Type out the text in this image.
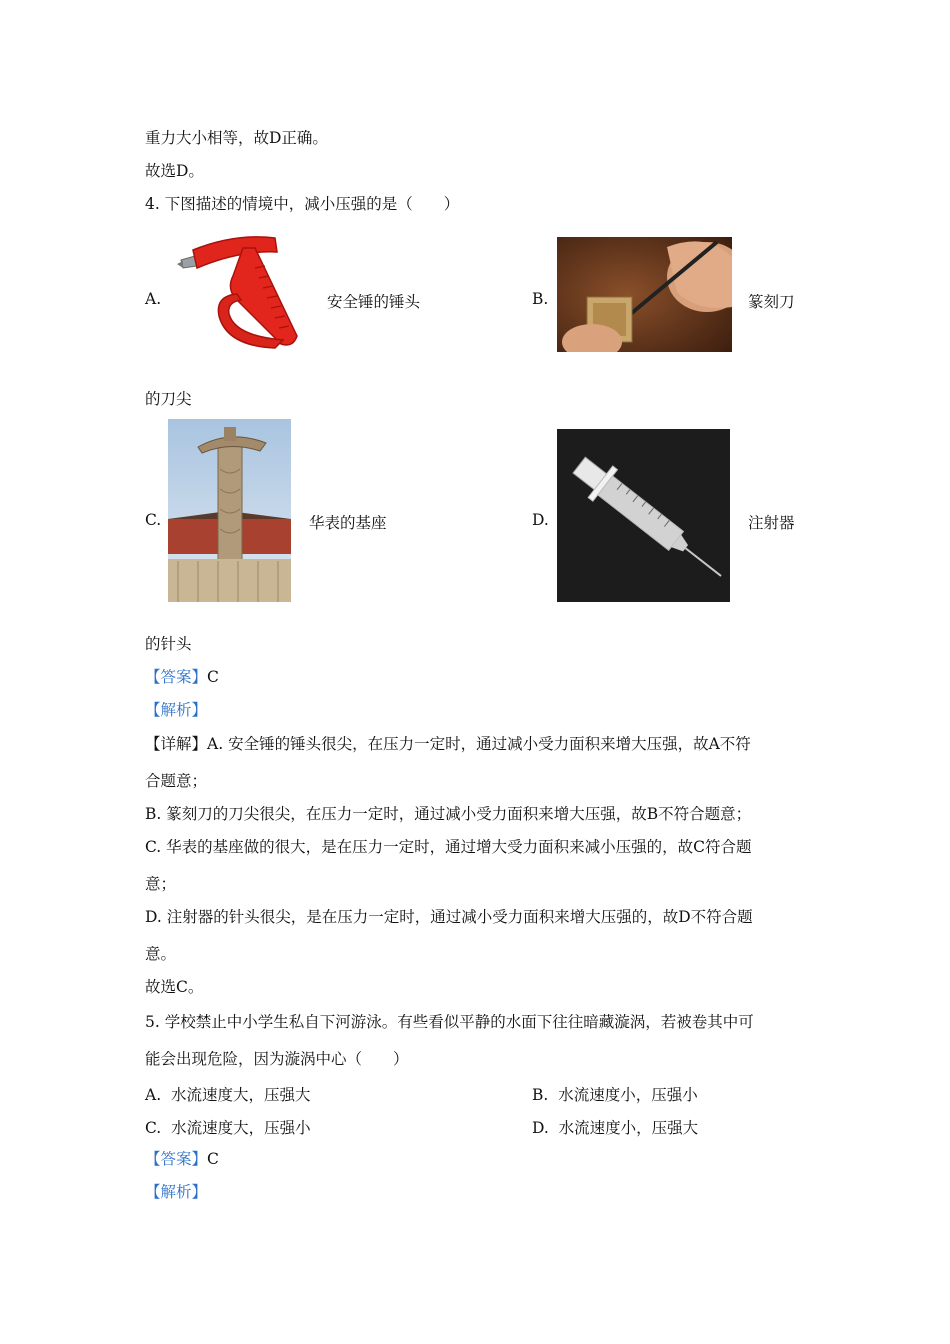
重力大小相等，故D正确。
故选D。
4. 下图描述的情境中，减小压强的是（　　）
A.	安全锤的锤头	B.	篆刻刀
的刀尖
C.	华表的基座	D.	注射器
的针头
【答案】C
【解析】
【详解】A. 安全锤的锤头很尖，在压力一定时，通过减小受力面积来增大压强，故A不符
合题意；
B. 篆刻刀的刀尖很尖，在压力一定时，通过减小受力面积来增大压强，故B不符合题意；
C. 华表的基座做的很大，是在压力一定时，通过增大受力面积来减小压强的，故C符合题
意；
D. 注射器的针头很尖，是在压力一定时，通过减小受力面积来增大压强的，故D不符合题
意。
故选C。
5. 学校禁止中小学生私自下河游泳。有些看似平静的水面下往往暗藏漩涡，若被卷其中可
能会出现危险，因为漩涡中心（　　）
A. 水流速度大，压强大	B. 水流速度小，压强小
C. 水流速度大，压强小	D. 水流速度小，压强大
【答案】C
【解析】
